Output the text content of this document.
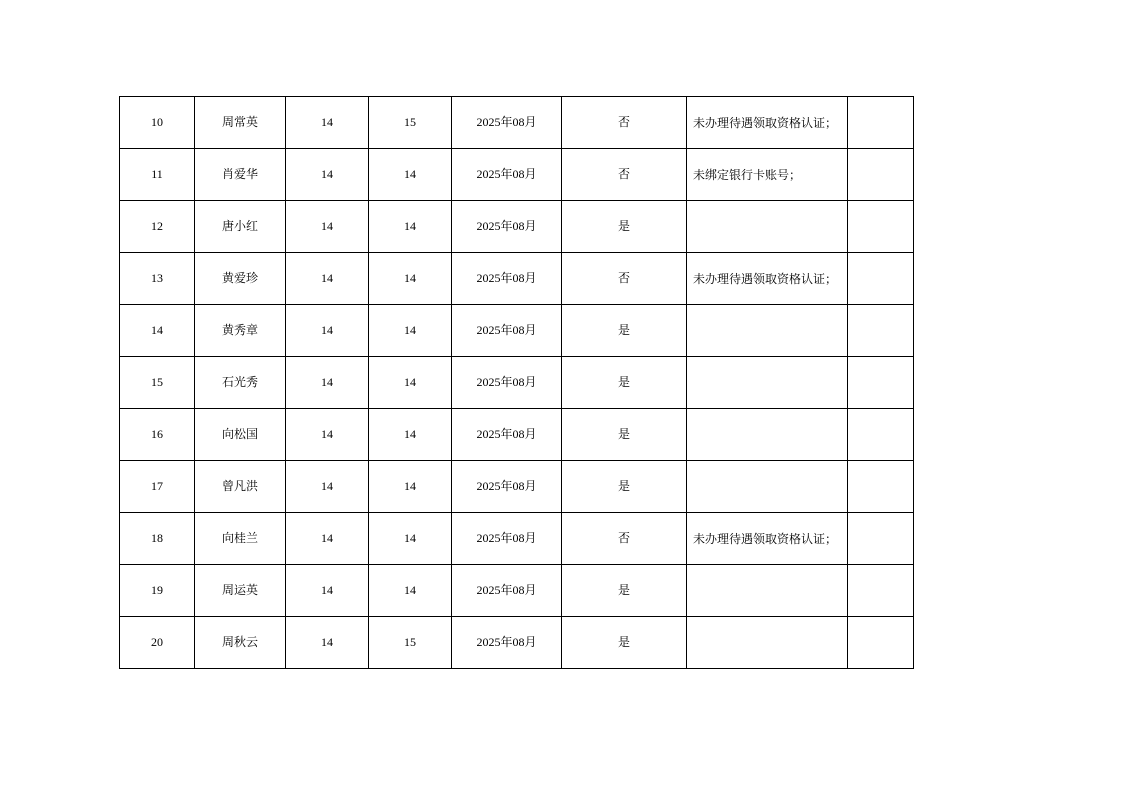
10	周常英	14	15	2025年08月	否	未办理待遇领取资格认证；	

11	肖爱华	14	14	2025年08月	否	未绑定银行卡账号；	

12	唐小红	14	14	2025年08月	是	

13	黄爱珍	14	14	2025年08月	否	未办理待遇领取资格认证；	

14	黄秀章	14	14	2025年08月	是	

15	石光秀	14	14	2025年08月	是	

16	向松国	14	14	2025年08月	是	

17	曾凡洪	14	14	2025年08月	是	

18	向桂兰	14	14	2025年08月	否	未办理待遇领取资格认证；	

19	周运英	14	14	2025年08月	是	

20	周秋云	14	15	2025年08月	是	
